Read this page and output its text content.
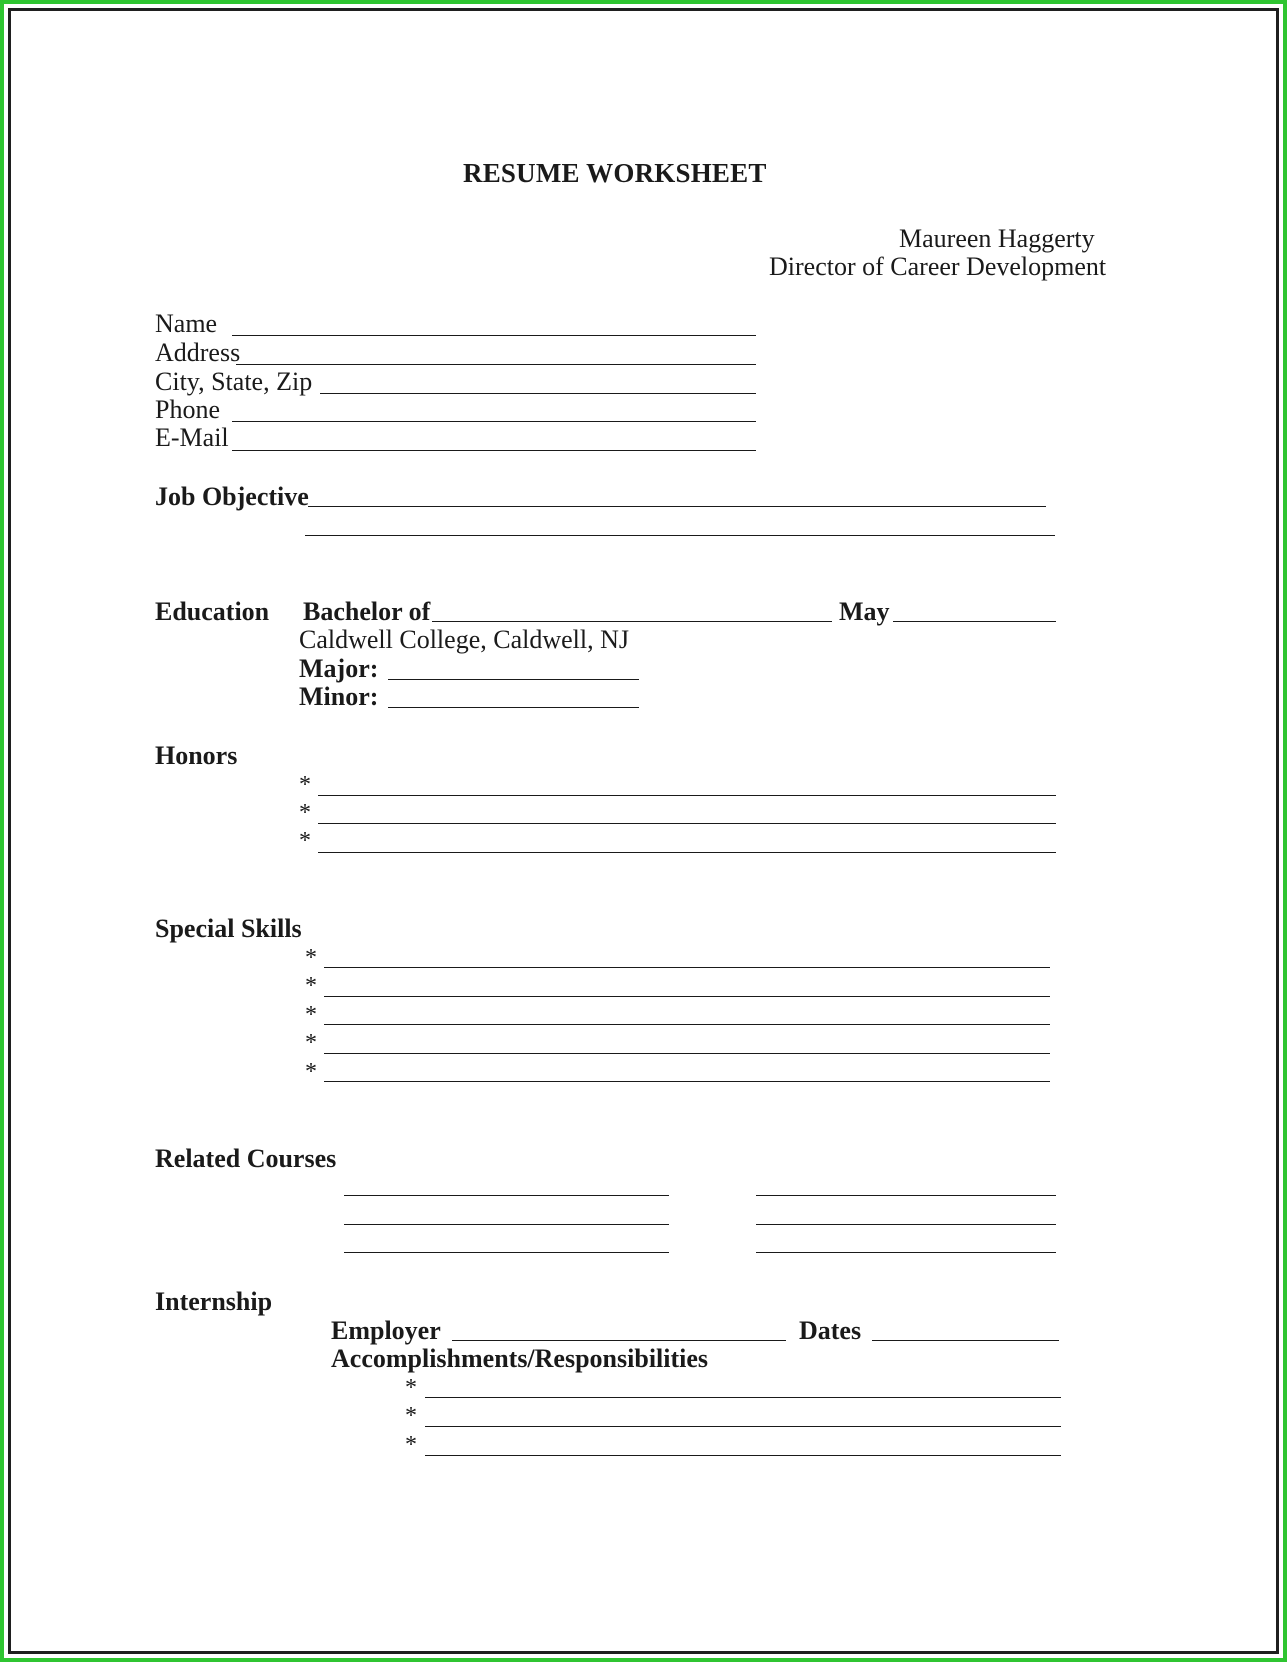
RESUME WORKSHEET
Maureen Haggerty
Director of Career Development
Name
Address
City, State, Zip
Phone
E-Mail
Job Objective
Education Bachelor of	May
Caldwell College, Caldwell, NJ
Major:
Minor:
Honors
*
*
*
Special Skills
*
*
*
*
*
Related Courses
Internship
Employer	Dates
Accomplishments/Responsibilities
*
*
*
